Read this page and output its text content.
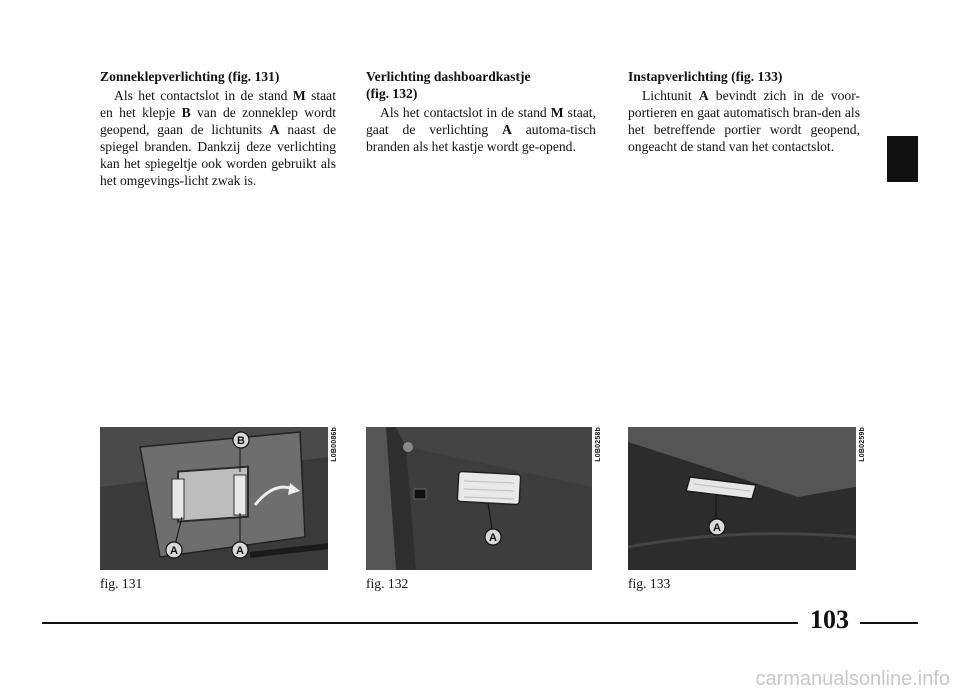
Zonneklepverlichting (fig. 131)

Als het contactslot in de stand M staat en het klepje B van de zonneklep wordt geopend, gaan de lichtunits A naast de spiegel branden. Dankzij deze verlichting kan het spiegeltje ook worden gebruikt als het omgevings-licht zwak is.

Verlichting dashboardkastje
(fig. 132)

Als het contactslot in de stand M staat, gaat de verlichting A automa-tisch branden als het kastje wordt ge-opend.

Instapverlichting (fig. 133)

Lichtunit A bevindt zich in de voor-portieren en gaat automatisch bran-den als het betreffende portier wordt geopend, ongeacht de stand van het contactslot.

B
A	A
L0B0086b
fig. 131
A
L0B0258b
fig. 132
A
L0B0259b
fig. 133
103
carmanualsonline.info
